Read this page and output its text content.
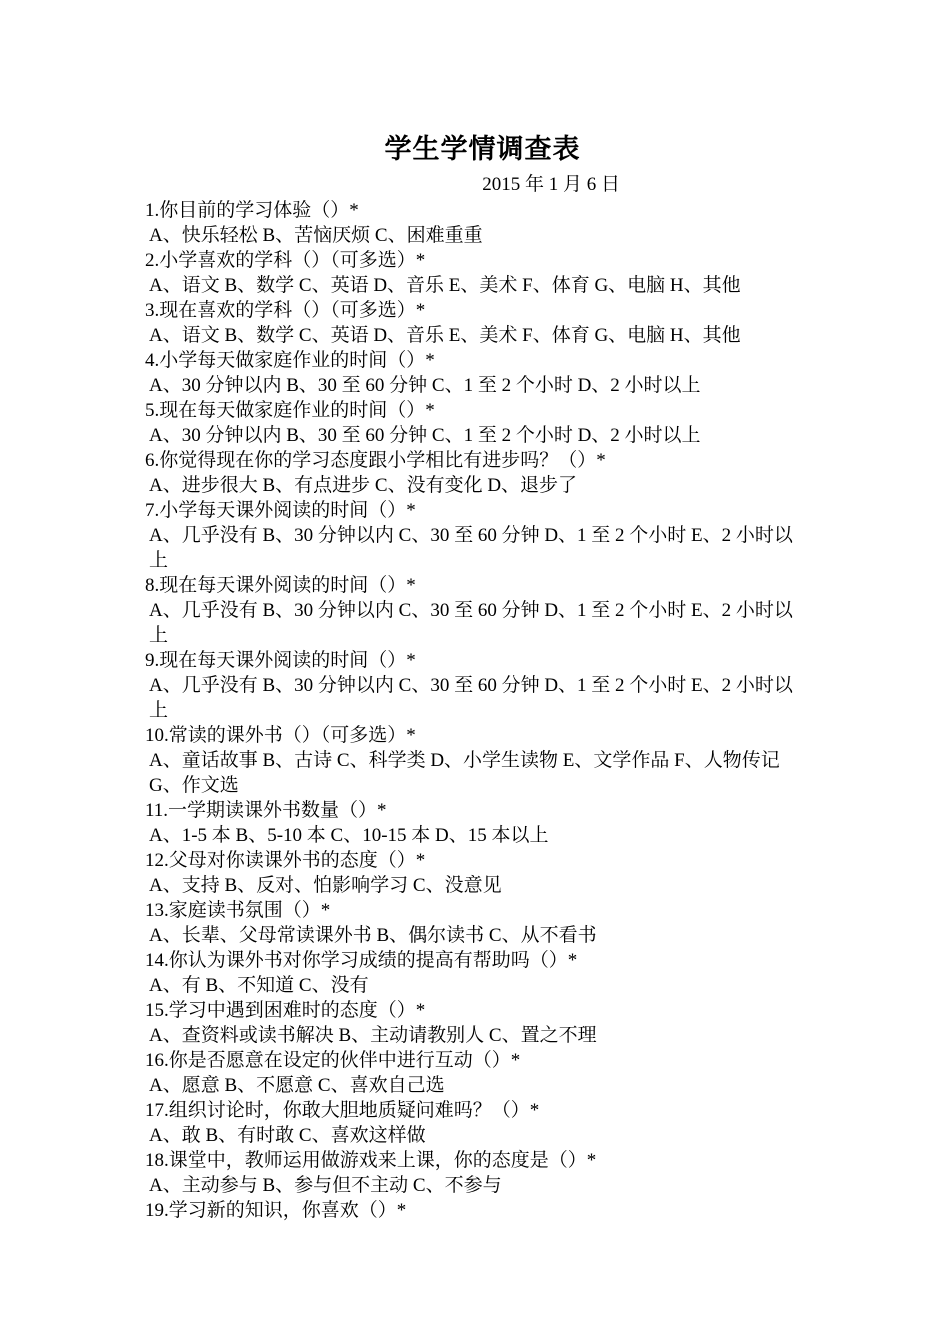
学生学情调查表
2015 年 1 月 6 日
1.你目前的学习体验（）*
A、快乐轻松 B、苦恼厌烦 C、困难重重
2.小学喜欢的学科（）（可多选）*
A、语文 B、数学 C、英语 D、音乐 E、美术 F、体育 G、电脑 H、其他
3.现在喜欢的学科（）（可多选）*
A、语文 B、数学 C、英语 D、音乐 E、美术 F、体育 G、电脑 H、其他
4.小学每天做家庭作业的时间（）*
A、30 分钟以内 B、30 至 60 分钟 C、1 至 2 个小时 D、2 小时以上
5.现在每天做家庭作业的时间（）*
A、30 分钟以内 B、30 至 60 分钟 C、1 至 2 个小时 D、2 小时以上
6.你觉得现在你的学习态度跟小学相比有进步吗？（）*
A、进步很大 B、有点进步 C、没有变化 D、退步了
7.小学每天课外阅读的时间（）*
A、几乎没有 B、30 分钟以内 C、30 至 60 分钟 D、1 至 2 个小时 E、2 小时以上
8.现在每天课外阅读的时间（）*
A、几乎没有 B、30 分钟以内 C、30 至 60 分钟 D、1 至 2 个小时 E、2 小时以上
9.现在每天课外阅读的时间（）*
A、几乎没有 B、30 分钟以内 C、30 至 60 分钟 D、1 至 2 个小时 E、2 小时以上
10.常读的课外书（）（可多选）*
A、童话故事 B、古诗 C、科学类 D、小学生读物 E、文学作品 F、人物传记 G、作文选
11.一学期读课外书数量（）*
A、1-5 本 B、5-10 本 C、10-15 本 D、15 本以上
12.父母对你读课外书的态度（）*
A、支持 B、反对、怕影响学习 C、没意见
13.家庭读书氛围（）*
A、长辈、父母常读课外书 B、偶尔读书 C、从不看书
14.你认为课外书对你学习成绩的提高有帮助吗（）*
A、有 B、不知道 C、没有
15.学习中遇到困难时的态度（）*
A、查资料或读书解决 B、主动请教别人 C、置之不理
16.你是否愿意在设定的伙伴中进行互动（）*
A、愿意 B、不愿意 C、喜欢自己选
17.组织讨论时，你敢大胆地质疑问难吗？（）*
A、敢 B、有时敢 C、喜欢这样做
18.课堂中，教师运用做游戏来上课，你的态度是（）*
A、主动参与 B、参与但不主动 C、不参与
19.学习新的知识，你喜欢（）*
